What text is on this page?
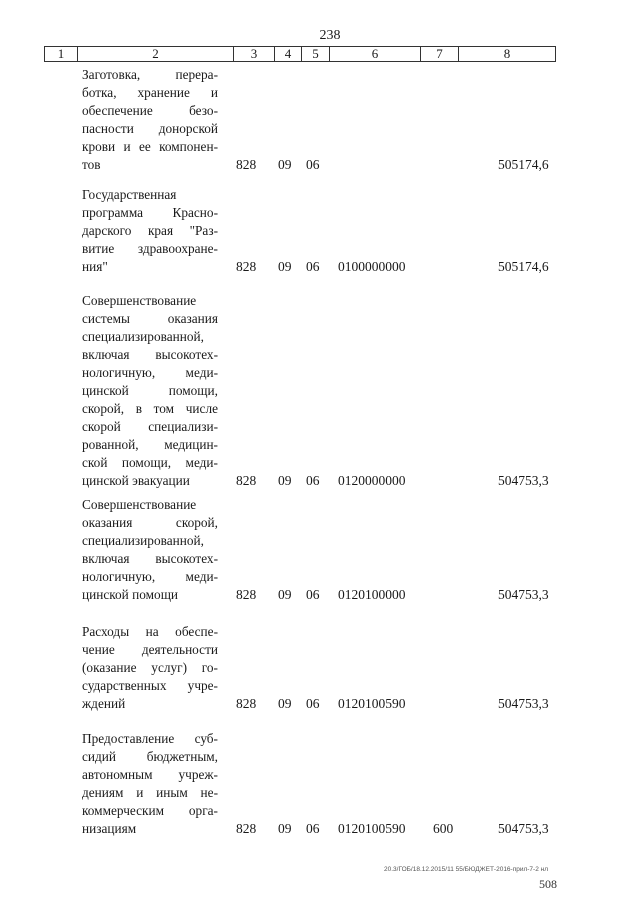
238
1	2	3	4	5	6	7	8
Заготовка,	перера-
ботка, хранение и
обеспечение	безо-
пасности донорской
крови и ее компонен-
тов	828 09 06	505174,6
Государственная
программа Красно-
дарского края "Раз-
витие здравоохране-
ния"	828 09 06 0100000000	505174,6
Совершенствование
системы	оказания
специализированной,
включая высокотех-
нологичную, меди-
цинской	помощи,
скорой, в том числе
скорой специализи-
рованной, медицин-
ской помощи, меди-
цинской эвакуации	828 09 06 0120000000	504753,3
Совершенствование
оказания	скорой,
специализированной,
включая высокотех-
нологичную, меди-
цинской помощи	828 09 06 0120100000	504753,3
Расходы на обеспе-
чение деятельности
(оказание услуг) го-
сударственных учре-
ждений	828 09 06 0120100590	504753,3
Предоставление суб-
сидий бюджетным,
автономным учреж-
дениям и иным не-
коммерческим орга-
низациям	828 09 06 0120100590 600	504753,3
20.3/ГОБ/18.12.2015/11 55/БЮДЖЕТ-2016-прил-7-2 нл
508
